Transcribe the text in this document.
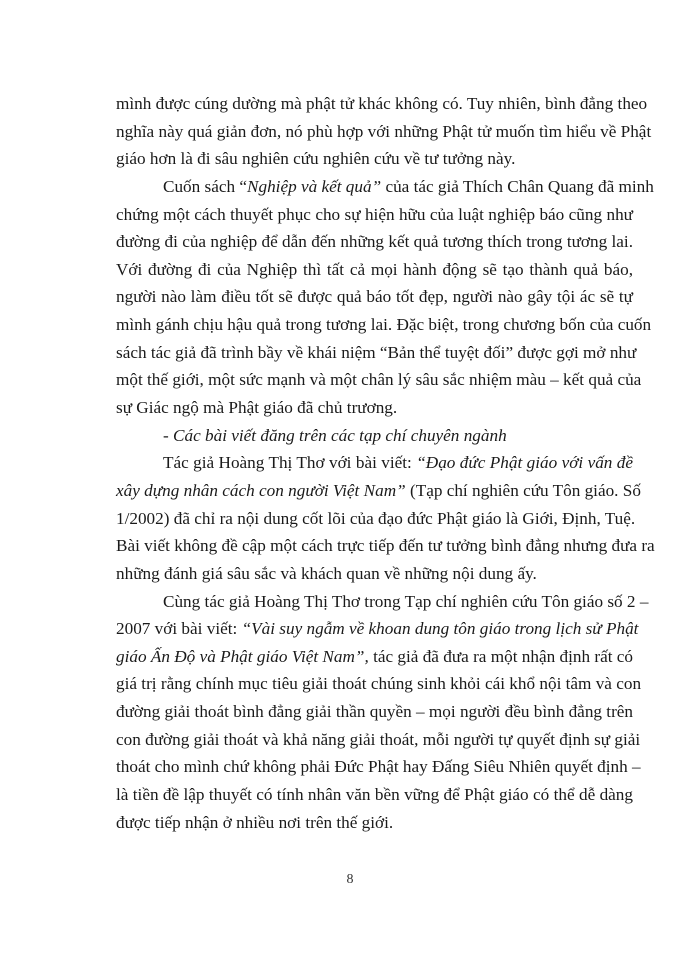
mình được cúng dường mà phật tử khác không có. Tuy nhiên, bình đẳng theo
nghĩa này quá giản đơn, nó phù hợp với những Phật tử muốn tìm hiểu về Phật
giáo hơn là đi sâu nghiên cứu nghiên cứu về tư tưởng này.
Cuốn sách “Nghiệp và kết quả” của tác giả Thích Chân Quang đã minh
chứng một cách thuyết phục cho sự hiện hữu của luật nghiệp báo cũng như
đường đi của nghiệp để dẫn đến những kết quả tương thích trong tương lai.
Với đường đi của Nghiệp thì tất cả mọi hành động sẽ tạo thành quả báo,
người nào làm điều tốt sẽ được quả báo tốt đẹp, người nào gây tội ác sẽ tự
mình gánh chịu hậu quả trong tương lai. Đặc biệt, trong chương bốn của cuốn
sách tác giả đã trình bầy về khái niệm “Bản thể tuyệt đối” được gợi mở như
một thế giới, một sức mạnh và một chân lý sâu sắc nhiệm màu – kết quả của
sự Giác ngộ mà Phật giáo đã chủ trương.
- Các bài viết đăng trên các tạp chí chuyên ngành
Tác giả Hoàng Thị Thơ với bài viết: “Đạo đức Phật giáo với vấn đề
xây dựng nhân cách con người Việt Nam” (Tạp chí nghiên cứu Tôn giáo. Số
1/2002) đã chỉ ra nội dung cốt lõi của đạo đức Phật giáo là Giới, Định, Tuệ.
Bài viết không đề cập một cách trực tiếp đến tư tưởng bình đẳng nhưng đưa ra
những đánh giá sâu sắc và khách quan về những nội dung ấy.
Cùng tác giả Hoàng Thị Thơ trong Tạp chí nghiên cứu Tôn giáo số 2 –
2007 với bài viết: “Vài suy ngẫm về khoan dung tôn giáo trong lịch sử Phật
giáo Ấn Độ và Phật giáo Việt Nam”, tác giả đã đưa ra một nhận định rất có
giá trị rằng chính mục tiêu giải thoát chúng sinh khỏi cái khổ nội tâm và con
đường giải thoát bình đẳng giải thần quyền – mọi người đều bình đẳng trên
con đường giải thoát và khả năng giải thoát, mỗi người tự quyết định sự giải
thoát cho mình chứ không phải Đức Phật hay Đấng Siêu Nhiên quyết định –
là tiền đề lập thuyết có tính nhân văn bền vững để Phật giáo có thể dễ dàng
được tiếp nhận ở nhiều nơi trên thế giới.
8
